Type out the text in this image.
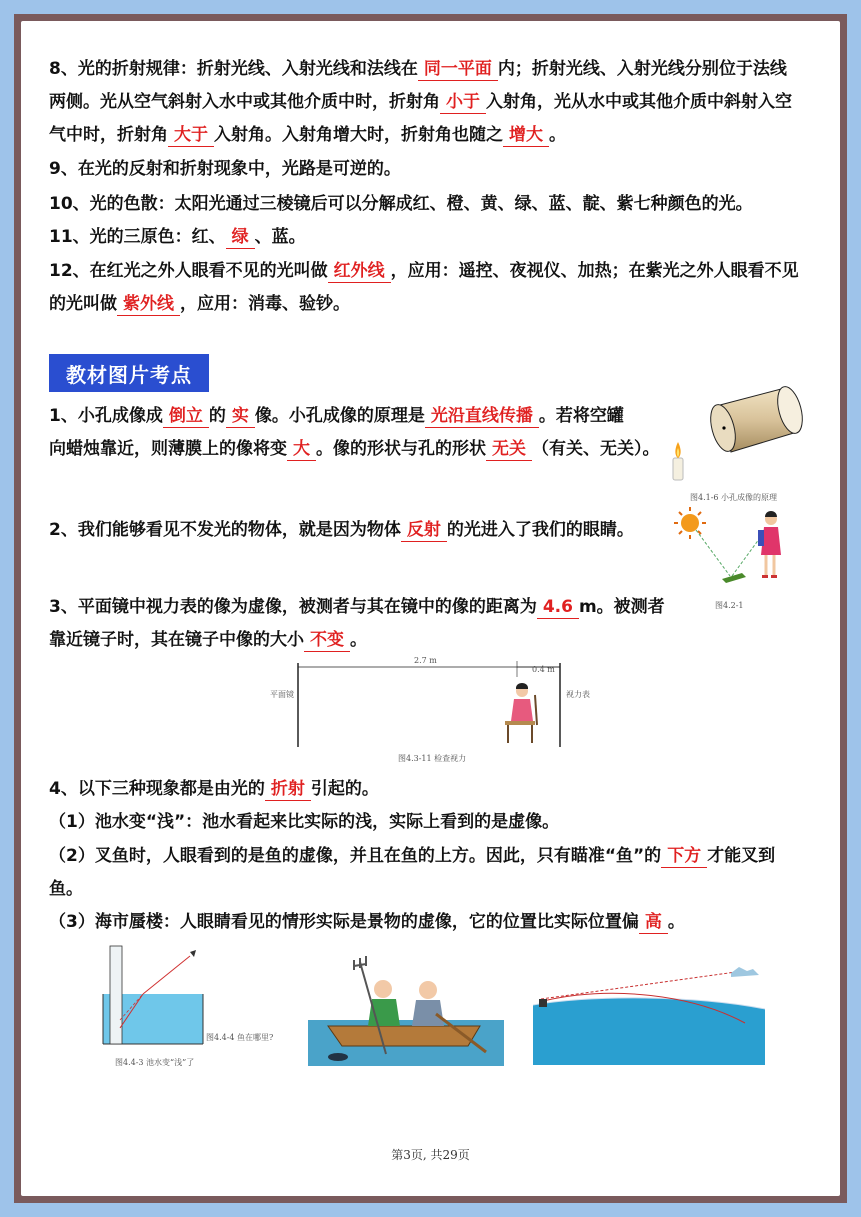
8、光的折射规律：折射光线、入射光线和法线在 同一平面 内；折射光线、入射光线分别位于法线
两侧。光从空气斜射入水中或其他介质中时，折射角 小于 入射角，光从水中或其他介质中斜射入空
气中时，折射角 大于 入射角。入射角增大时，折射角也随之 增大 。
9、在光的反射和折射现象中，光路是可逆的。
10、光的色散：太阳光通过三棱镜后可以分解成红、橙、黄、绿、蓝、靛、紫七种颜色的光。
11、光的三原色：红、 绿 、蓝。
12、在红光之外人眼看不见的光叫做 红外线 ，应用：遥控、夜视仪、加热；在紫光之外人眼看不见
的光叫做 紫外线 ，应用：消毒、验钞。
教材图片考点
1、小孔成像成 倒立 的 实 像。小孔成像的原理是 光沿直线传播 。若将空罐
向蜡烛靠近，则薄膜上的像将变 大 。像的形状与孔的形状 无关 （有关、无关）。
图4.1-6 小孔成像的原理
2、我们能够看见不发光的物体，就是因为物体 反射 的光进入了我们的眼睛。
图4.2-1
3、平面镜中视力表的像为虚像，被测者与其在镜中的像的距离为 4.6 m。被测者
靠近镜子时，其在镜子中像的大小 不变 。
2.7 m
0.4 m
平面镜	视力表
图4.3-11 检查视力
4、以下三种现象都是由光的 折射 引起的。
（1）池水变“浅”：池水看起来比实际的浅，实际上看到的是虚像。
（2）叉鱼时，人眼看到的是鱼的虚像，并且在鱼的上方。因此，只有瞄准“鱼”的 下方 才能叉到
鱼。
（3）海市蜃楼：人眼睛看见的情形实际是景物的虚像，它的位置比实际位置偏 高 。
图4.4-3 池水变“浅”了
图4.4-4 鱼在哪里?
第3页, 共29页
